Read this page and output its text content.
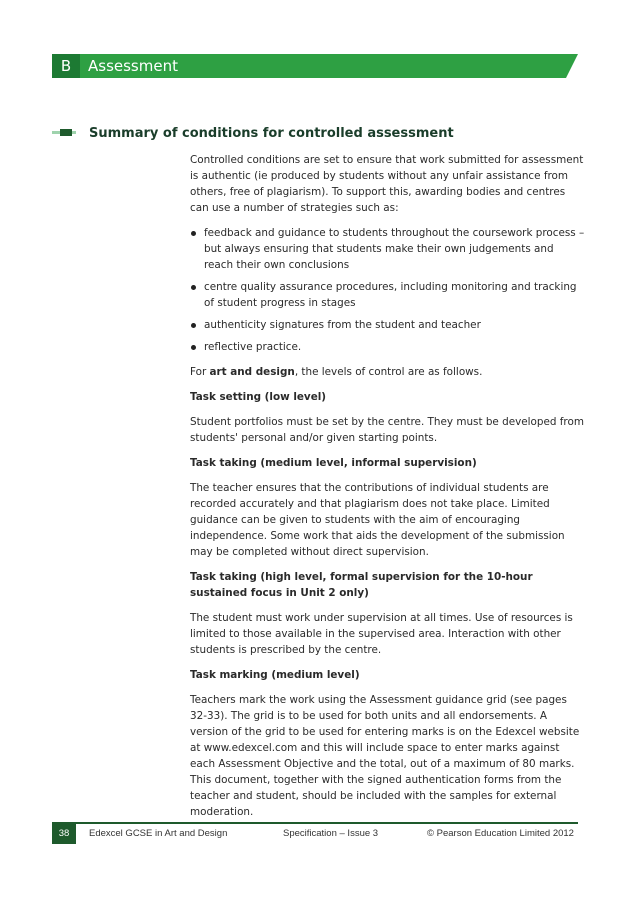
B	Assessment
Summary of conditions for controlled assessment

Controlled conditions are set to ensure that work submitted for assessment is authentic (ie produced by students without any unfair assistance from others, free of plagiarism). To support this, awarding bodies and centres can use a number of strategies such as:

feedback and guidance to students throughout the coursework process – but always ensuring that students make their own judgements and reach their own conclusions
centre quality assurance procedures, including monitoring and tracking of student progress in stages
authenticity signatures from the student and teacher
reflective practice.

For art and design, the levels of control are as follows.

Task setting (low level)

Student portfolios must be set by the centre. They must be developed from students' personal and/or given starting points.

Task taking (medium level, informal supervision)

The teacher ensures that the contributions of individual students are recorded accurately and that plagiarism does not take place. Limited guidance can be given to students with the aim of encouraging independence. Some work that aids the development of the submission may be completed without direct supervision.

Task taking (high level, formal supervision for the 10-hour sustained focus in Unit 2 only)

The student must work under supervision at all times. Use of resources is limited to those available in the supervised area. Interaction with other students is prescribed by the centre.

Task marking (medium level)

Teachers mark the work using the Assessment guidance grid (see pages 32-33). The grid is to be used for both units and all endorsements. A version of the grid to be used for entering marks is on the Edexcel website at www.edexcel.com and this will include space to enter marks against each Assessment Objective and the total, out of a maximum of 80 marks. This document, together with the signed authentication forms from the teacher and student, should be included with the samples for external moderation.

38	Edexcel GCSE in Art and Design	Specification – Issue 3	© Pearson Education Limited 2012
